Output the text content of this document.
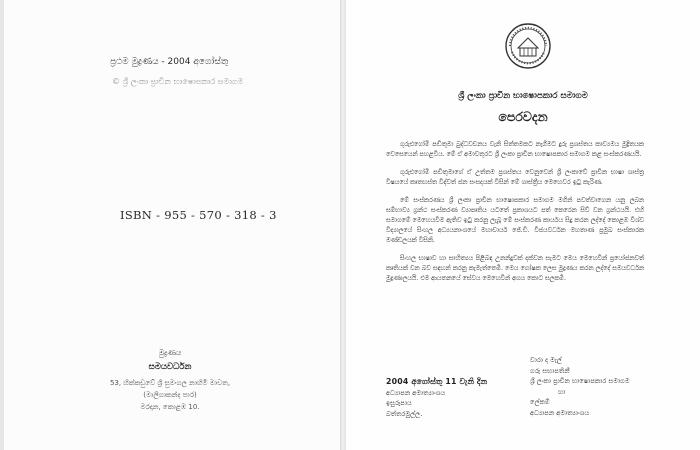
ප්‍රථම මුද්‍රණය - 2004 අගෝස්තු
© ශ්‍රී ලංකා ප්‍රාචීන භාෂොපකාර සමාගම
ISBN - 955 - 570 - 318 - 3
මුද්‍රණය
සමයවර්ධන
53, හික්කඩුවේ ශ්‍රී සුමංගල නාහිමි මාවත,
(මාලිගාකන්ද පාර)
මරදාන, කොළඹ 10.
ශ්‍රී ලංකා ප්‍රාචීන භාෂොපකාර සමාගම
පෙරවදන

ගුරුළුගෝමි පඬිතුමා බුද්ධවචනය වැනි සිත්තමකට නැගීමට දුරු ප්‍රශස්තය කාව්‍යමය මුද්‍රිතයක වෙසෙයෙන් පහළවිය. මේ ඒ අමාවතුරට ශ්‍රී ලංකා ප්‍රාචීන භාෂොපකාර සමාගම කළ සංස්කරණයයි.

ගුරුළුගෝමි පඬිතුමාගේ ඒ උත්තම ප්‍රශස්තය වෙනුවෙන් ශ්‍රී ලංකාවේ ප්‍රාචීන භාෂා ශාස්ත්‍ර විෂයයේ කෘතහස්ත විද්වත් ජන සංසදයක් විසින් මේ ශාස්ත්‍රීය මෙහෙවර ඉටු කැරිණ.

මේ සංස්කරණය ශ්‍රී ලංකා ප්‍රාචීන භාෂොපකාර සමාගම මගින් පවත්වාගෙන යනු ලබන සම්භාව්‍ය ග්‍රන්ථ සංස්කරණ ව්‍යාපෘතිය යටතේ ප්‍රකාශයට පත් කෙරෙන සිව් වන ග්‍රන්ථයයි. එහි සමාගමේ මෙහෙයවීම ඇතිව ඉටු කරනු ලැබූ මේ සංස්කරණ කාර්යය සිදු කරන ලද්දේ කොළඹ විශ්ව විද්‍යාලයේ සිංහල අධ්‍යයනාංශයේ මහාචාර්ය ජේ.ඩී. විජයවර්ධන මහතාණ ප්‍රමුඛ සංස්කාරක මණ්ඩලයක් විසිනි.

සිංහල භාෂාව හා සාහිත්‍යය පිළිබඳ උනන්දුවක් දක්වන සැමට මෙය මෙහෙවින් ප්‍රයෝජනවත් කෘතියක් වන බව සඳහන් කරනු කැමැත්තෙමි. මෙය ගෝෂක ලෙස මුද්‍රණය කරන ලද්දේ සමයවර්ධන මුද්‍රණාලයයි. එම ආයතනයේ සේවය මෙහෙවින් අගය කොට සලකමි.

වාරා ද මැල්
ගරු සභාපතිනී
ශ්‍රී ලංකා ප්‍රාචීන භාෂොපකාර සමාගම
හා
ලේකම්
අධ්‍යාපන අමාත්‍යාංශය
2004 අගෝස්තු 11 වැනි දින
අධ්‍යාපන අමාත්‍යාංශය
ඉසුරුපාය
බත්තරමුල්ල.
